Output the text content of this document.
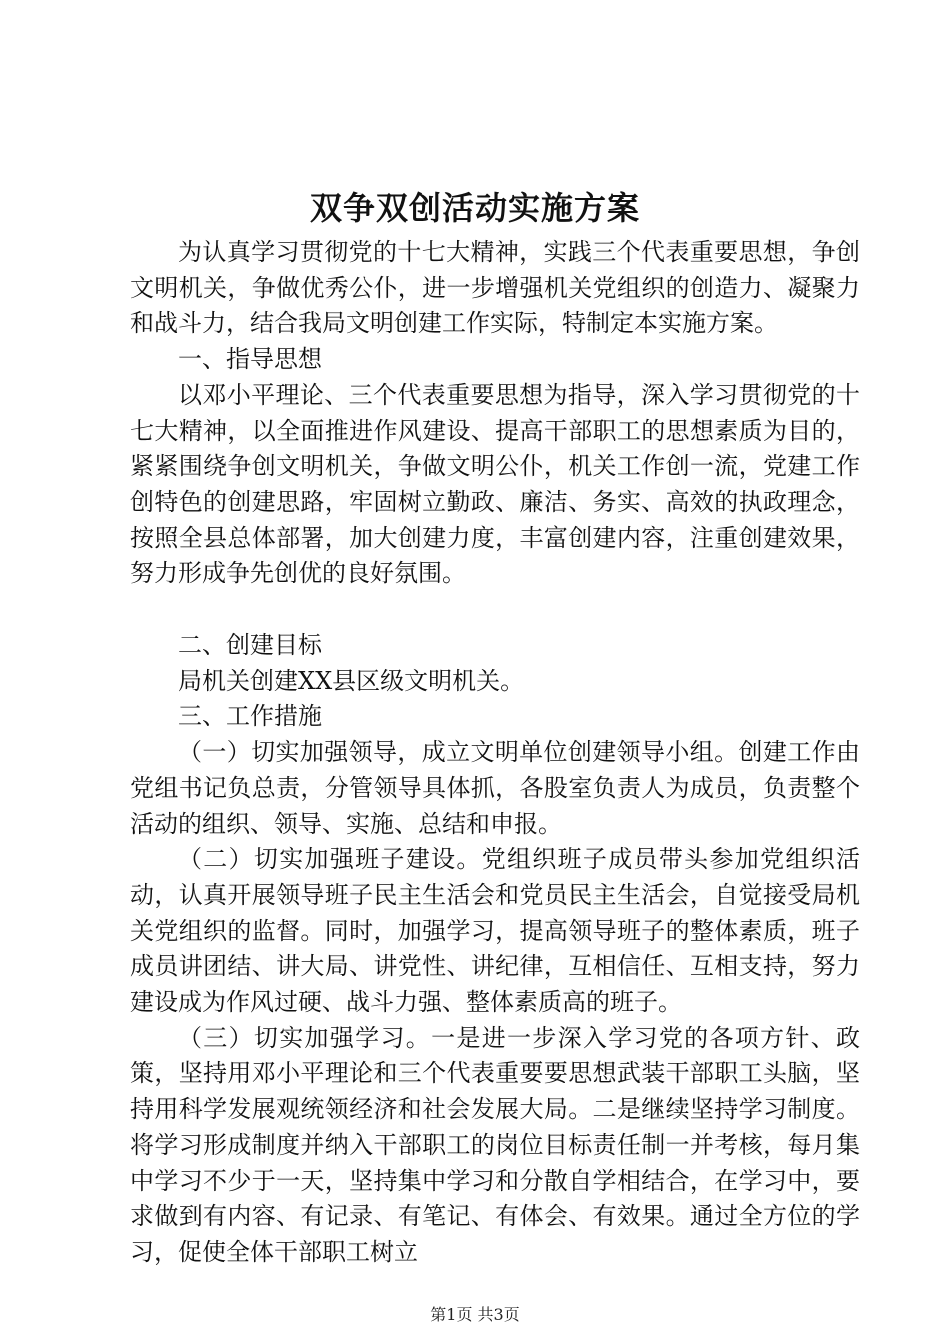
双争双创活动实施方案

为认真学习贯彻党的十七大精神，实践三个代表重要思想，争创文明机关，争做优秀公仆，进一步增强机关党组织的创造力、凝聚力和战斗力，结合我局文明创建工作实际，特制定本实施方案。

一、指导思想

以邓小平理论、三个代表重要思想为指导，深入学习贯彻党的十七大精神，以全面推进作风建设、提高干部职工的思想素质为目的，紧紧围绕争创文明机关，争做文明公仆，机关工作创一流，党建工作创特色的创建思路，牢固树立勤政、廉洁、务实、高效的执政理念，按照全县总体部署，加大创建力度，丰富创建内容，注重创建效果，努力形成争先创优的良好氛围。

二、创建目标

局机关创建XX县区级文明机关。

三、工作措施

（一）切实加强领导，成立文明单位创建领导小组。创建工作由党组书记负总责，分管领导具体抓，各股室负责人为成员，负责整个活动的组织、领导、实施、总结和申报。

（二）切实加强班子建设。党组织班子成员带头参加党组织活动，认真开展领导班子民主生活会和党员民主生活会，自觉接受局机关党组织的监督。同时，加强学习，提高领导班子的整体素质，班子成员讲团结、讲大局、讲党性、讲纪律，互相信任、互相支持，努力建设成为作风过硬、战斗力强、整体素质高的班子。

（三）切实加强学习。一是进一步深入学习党的各项方针、政策，坚持用邓小平理论和三个代表重要要思想武装干部职工头脑，坚持用科学发展观统领经济和社会发展大局。二是继续坚持学习制度。将学习形成制度并纳入干部职工的岗位目标责任制一并考核，每月集中学习不少于一天，坚持集中学习和分散自学相结合，在学习中，要求做到有内容、有记录、有笔记、有体会、有效果。通过全方位的学习，促使全体干部职工树立

第1页 共3页
